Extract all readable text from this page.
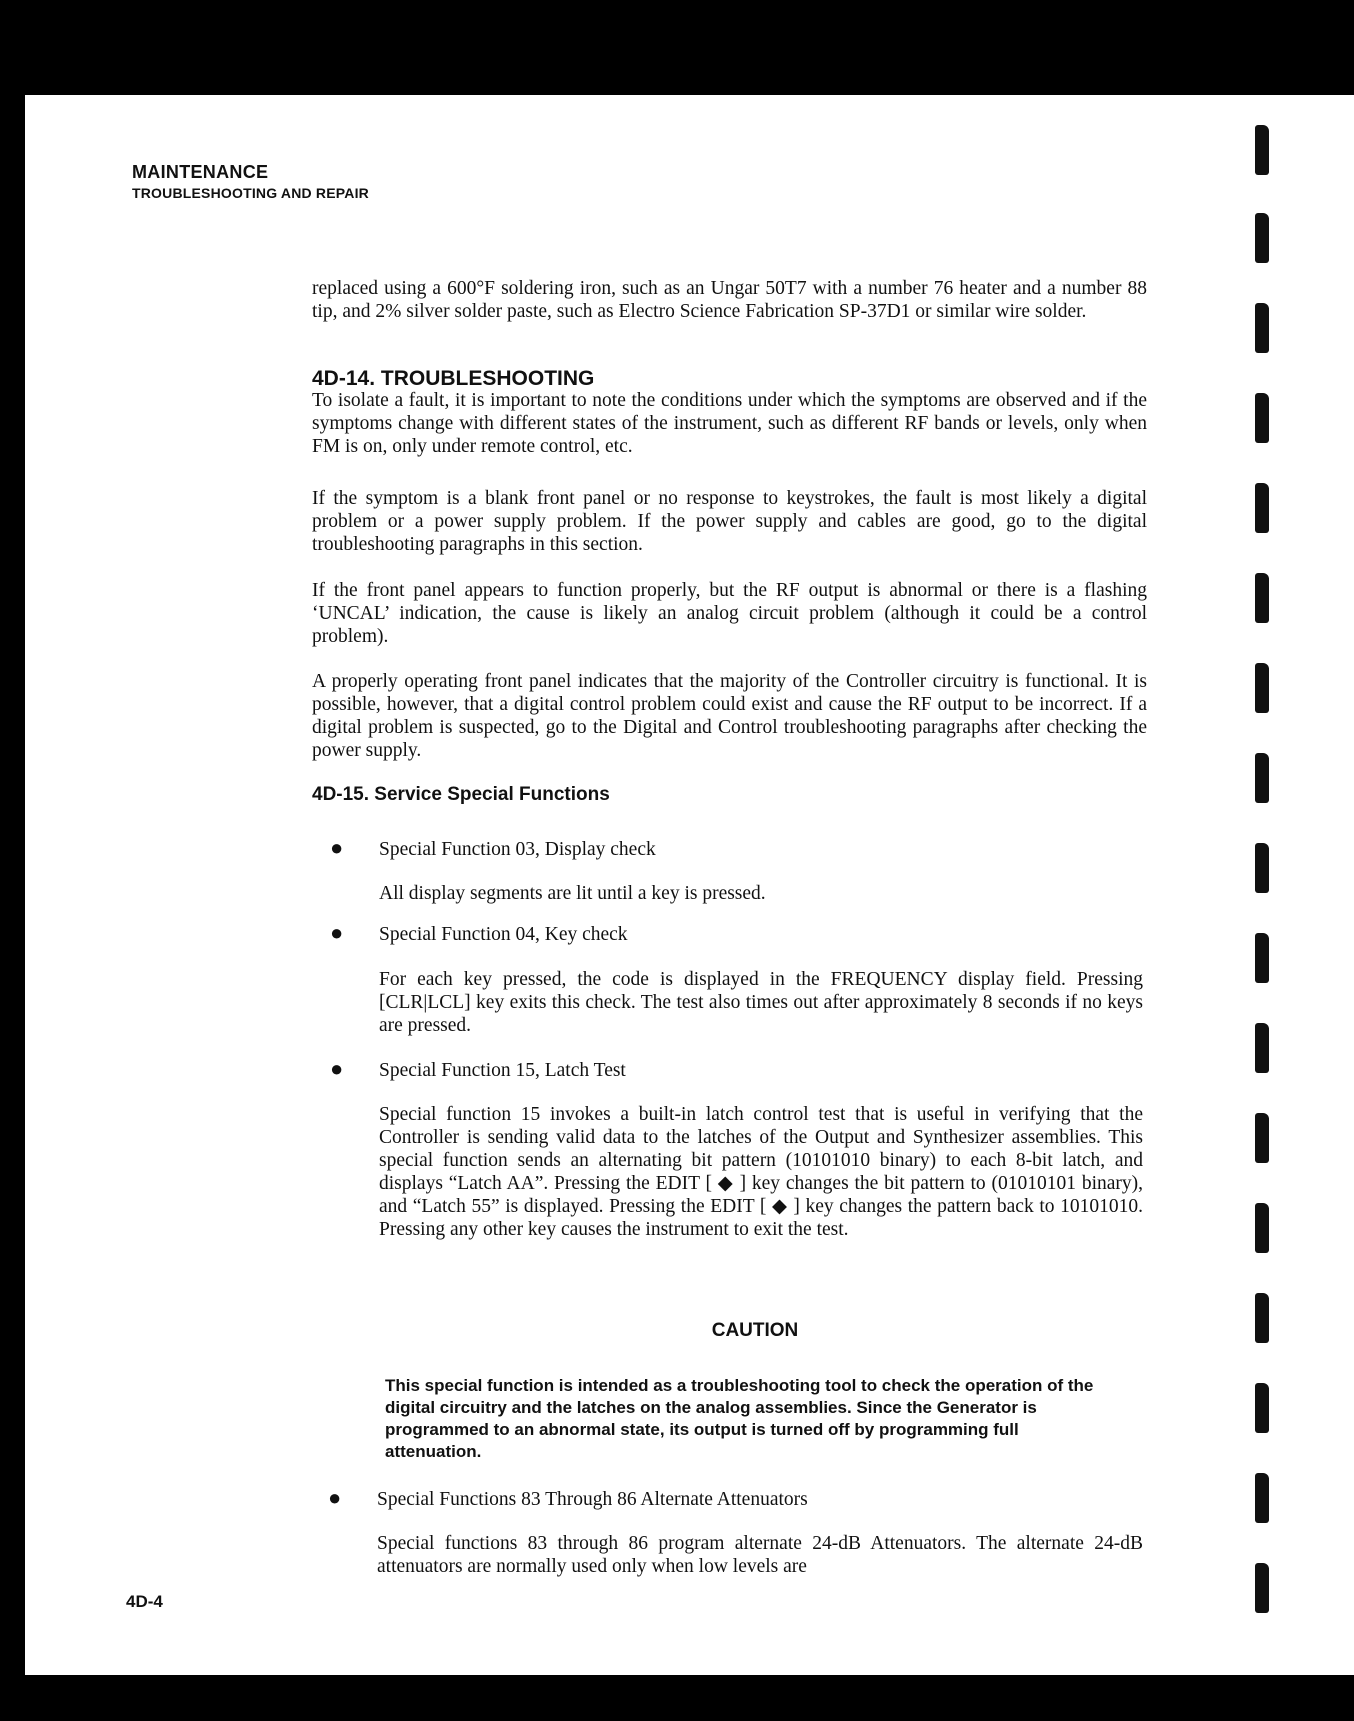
MAINTENANCE
TROUBLESHOOTING AND REPAIR
replaced using a 600°F soldering iron, such as an Ungar 50T7 with a number 76 heater and a number 88 tip, and 2% silver solder paste, such as Electro Science Fabrication SP-37D1 or similar wire solder.
4D-14. TROUBLESHOOTING
To isolate a fault, it is important to note the conditions under which the symptoms are observed and if the symptoms change with different states of the instrument, such as different RF bands or levels, only when FM is on, only under remote control, etc.
If the symptom is a blank front panel or no response to keystrokes, the fault is most likely a digital problem or a power supply problem. If the power supply and cables are good, go to the digital troubleshooting paragraphs in this section.
If the front panel appears to function properly, but the RF output is abnormal or there is a flashing ‘UNCAL’ indication, the cause is likely an analog circuit problem (although it could be a control problem).
A properly operating front panel indicates that the majority of the Controller circuitry is functional. It is possible, however, that a digital control problem could exist and cause the RF output to be incorrect. If a digital problem is suspected, go to the Digital and Control troubleshooting paragraphs after checking the power supply.
4D-15. Service Special Functions
● Special Function 03, Display check
All display segments are lit until a key is pressed.
● Special Function 04, Key check
For each key pressed, the code is displayed in the FREQUENCY display field. Pressing [CLR|LCL] key exits this check. The test also times out after approximately 8 seconds if no keys are pressed.
● Special Function 15, Latch Test
Special function 15 invokes a built-in latch control test that is useful in verifying that the Controller is sending valid data to the latches of the Output and Synthesizer assemblies. This special function sends an alternating bit pattern (10101010 binary) to each 8-bit latch, and displays “Latch AA”. Pressing the EDIT [ ◆ ] key changes the bit pattern to (01010101 binary), and “Latch 55” is displayed. Pressing the EDIT [ ◆ ] key changes the pattern back to 10101010. Pressing any other key causes the instrument to exit the test.
CAUTION
This special function is intended as a troubleshooting tool to check the operation of the digital circuitry and the latches on the analog assemblies. Since the Generator is programmed to an abnormal state, its output is turned off by programming full attenuation.
● Special Functions 83 Through 86 Alternate Attenuators
Special functions 83 through 86 program alternate 24-dB Attenuators. The alternate 24-dB attenuators are normally used only when low levels are
4D-4
